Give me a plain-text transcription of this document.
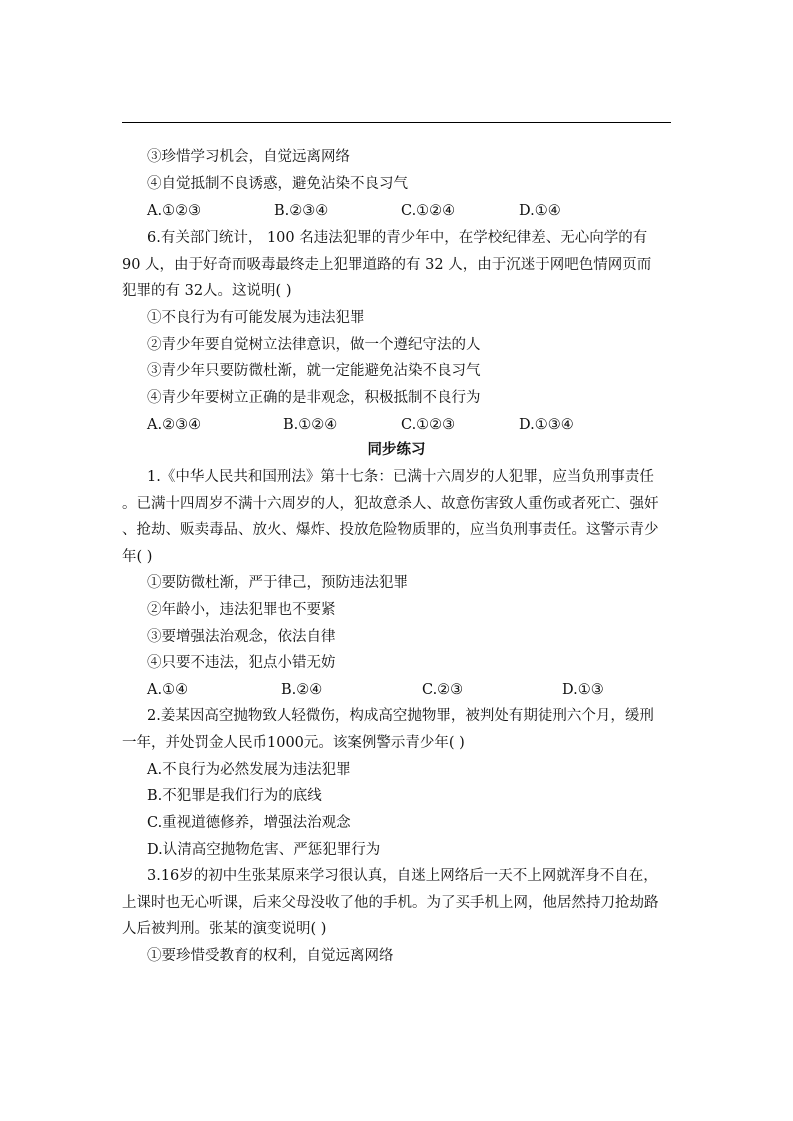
③珍惜学习机会，自觉远离网络
④自觉抵制不良诱惑，避免沾染不良习气
A.①②③	B.②③④	C.①②④	D.①④
6.有关部门统计， 100 名违法犯罪的青少年中，在学校纪律差、无心向学的有
90 人，由于好奇而吸毒最终走上犯罪道路的有 32 人，由于沉迷于网吧色情网页而
犯罪的有 32人。这说明( )
①不良行为有可能发展为违法犯罪
②青少年要自觉树立法律意识，做一个遵纪守法的人
③青少年只要防微杜渐，就一定能避免沾染不良习气
④青少年要树立正确的是非观念，积极抵制不良行为
A.②③④	B.①②④	C.①②③	D.①③④
同步练习
1.《中华人民共和国刑法》第十七条：已满十六周岁的人犯罪，应当负刑事责任
。已满十四周岁不满十六周岁的人，犯故意杀人、故意伤害致人重伤或者死亡、强奸
、抢劫、贩卖毒品、放火、爆炸、投放危险物质罪的，应当负刑事责任。这警示青少
年( )
①要防微杜渐，严于律己，预防违法犯罪
②年龄小，违法犯罪也不要紧
③要增强法治观念，依法自律
④只要不违法，犯点小错无妨
A.①④	B.②④	C.②③	D.①③
2.姜某因高空抛物致人轻微伤，构成高空抛物罪，被判处有期徒刑六个月，缓刑
一年，并处罚金人民币1000元。该案例警示青少年( )
A.不良行为必然发展为违法犯罪
B.不犯罪是我们行为的底线
C.重视道德修养，增强法治观念
D.认清高空抛物危害、严惩犯罪行为
3.16岁的初中生张某原来学习很认真，自迷上网络后一天不上网就浑身不自在，
上课时也无心听课，后来父母没收了他的手机。为了买手机上网，他居然持刀抢劫路
人后被判刑。张某的演变说明( )
①要珍惜受教育的权利，自觉远离网络
